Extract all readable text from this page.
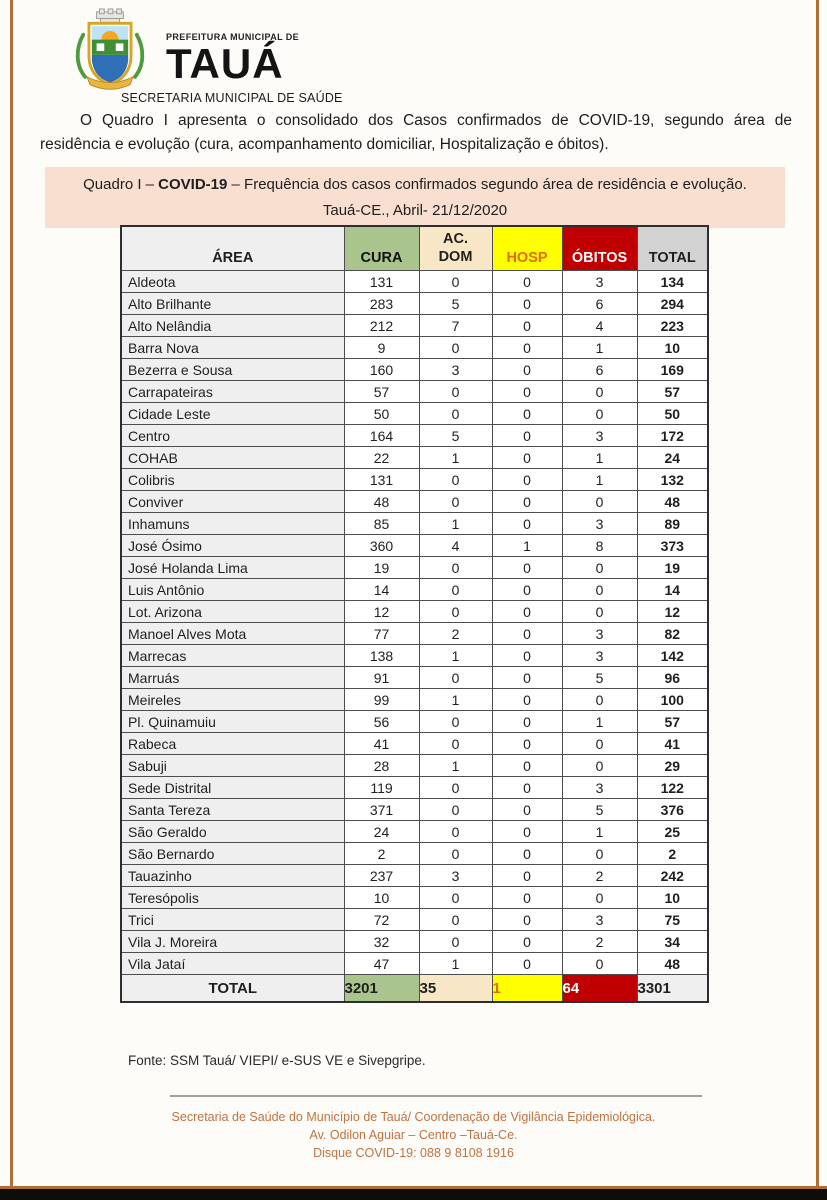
PREFEITURA MUNICIPAL DE
TAUÁ
SECRETARIA MUNICIPAL DE SAÚDE

O Quadro I apresenta o consolidado dos Casos confirmados de COVID-19, segundo área de residência e evolução (cura, acompanhamento domiciliar, Hospitalização e óbitos).

Quadro I – COVID-19 – Frequência dos casos confirmados segundo área de residência e evolução.
Tauá-CE., Abril- 21/12/2020
ÁREA	CURA	AC.
DOM	HOSP	ÓBITOS	TOTAL
Aldeota	131	0	0	3	134
Alto Brilhante	283	5	0	6	294
Alto Nelândia	212	7	0	4	223
Barra Nova	9	0	0	1	10
Bezerra e Sousa	160	3	0	6	169
Carrapateiras	57	0	0	0	57
Cidade Leste	50	0	0	0	50
Centro	164	5	0	3	172
COHAB	22	1	0	1	24
Colibris	131	0	0	1	132
Conviver	48	0	0	0	48
Inhamuns	85	1	0	3	89
José Ósimo	360	4	1	8	373
José Holanda Lima	19	0	0	0	19
Luis Antônio	14	0	0	0	14
Lot. Arizona	12	0	0	0	12
Manoel Alves Mota	77	2	0	3	82
Marrecas	138	1	0	3	142
Marruás	91	0	0	5	96
Meireles	99	1	0	0	100
Pl. Quinamuiu	56	0	0	1	57
Rabeca	41	0	0	0	41
Sabuji	28	1	0	0	29
Sede Distrital	119	0	0	3	122
Santa Tereza	371	0	0	5	376
São Geraldo	24	0	0	1	25
São Bernardo	2	0	0	0	2
Tauazinho	237	3	0	2	242
Teresópolis	10	0	0	0	10
Trici	72	0	0	3	75
Vila J. Moreira	32	0	0	2	34
Vila Jataí	47	1	0	0	48
TOTAL	3201	35	1	64	3301
Fonte: SSM Tauá/ VIEPI/ e-SUS VE e Sivepgripe.
Secretaria de Saúde do Município de Tauá/ Coordenação de Vigilância Epidemiológica.
Av. Odilon Aguiar – Centro –Tauá-Ce.
Disque COVID-19: 088 9 8108 1916
